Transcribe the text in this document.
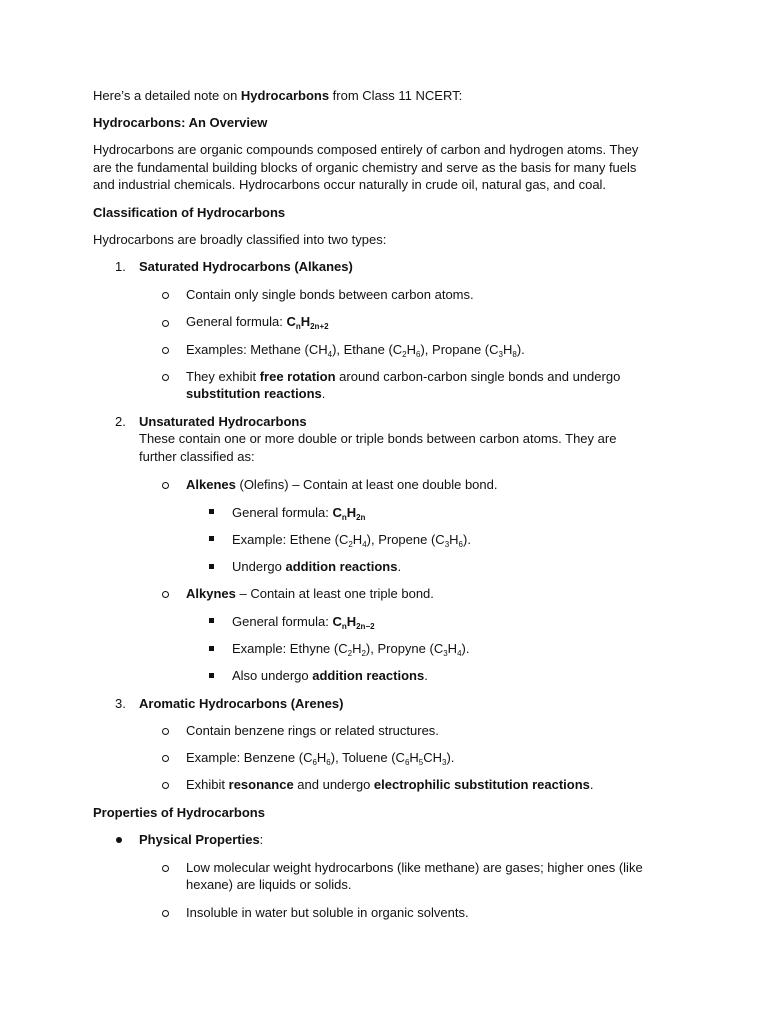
Here’s a detailed note on Hydrocarbons from Class 11 NCERT:
Hydrocarbons: An Overview
Hydrocarbons are organic compounds composed entirely of carbon and hydrogen atoms. They
are the fundamental building blocks of organic chemistry and serve as the basis for many fuels
and industrial chemicals. Hydrocarbons occur naturally in crude oil, natural gas, and coal.
Classification of Hydrocarbons
Hydrocarbons are broadly classified into two types:
1. Saturated Hydrocarbons (Alkanes)
Contain only single bonds between carbon atoms.
General formula: $C_nH_{2n+2}$
Examples: Methane $(CH_4)$, Ethane $(C_2H_6)$, Propane $(C_3H_8)$.
They exhibit free rotation around carbon-carbon single bonds and undergo
substitution reactions.
2. Unsaturated Hydrocarbons
These contain one or more double or triple bonds between carbon atoms. They are
further classified as:
Alkenes (Olefins) – Contain at least one double bond.
General formula: $C_nH_{2n}$
Example: Ethene $(C_2H_4)$, Propene $(C_3H_6)$.
Undergo addition reactions.
Alkynes – Contain at least one triple bond.
General formula: $C_nH_{2n-2}$
Example: Ethyne $(C_2H_2)$, Propyne $(C_3H_4)$.
Also undergo addition reactions.
3. Aromatic Hydrocarbons (Arenes)
Contain benzene rings or related structures.
Example: Benzene $(C_6H_6)$, Toluene $(C_6H_5CH_3)$.
Exhibit resonance and undergo electrophilic substitution reactions.
Properties of Hydrocarbons
Physical Properties:
Low molecular weight hydrocarbons (like methane) are gases; higher ones (like
hexane) are liquids or solids.
Insoluble in water but soluble in organic solvents.
